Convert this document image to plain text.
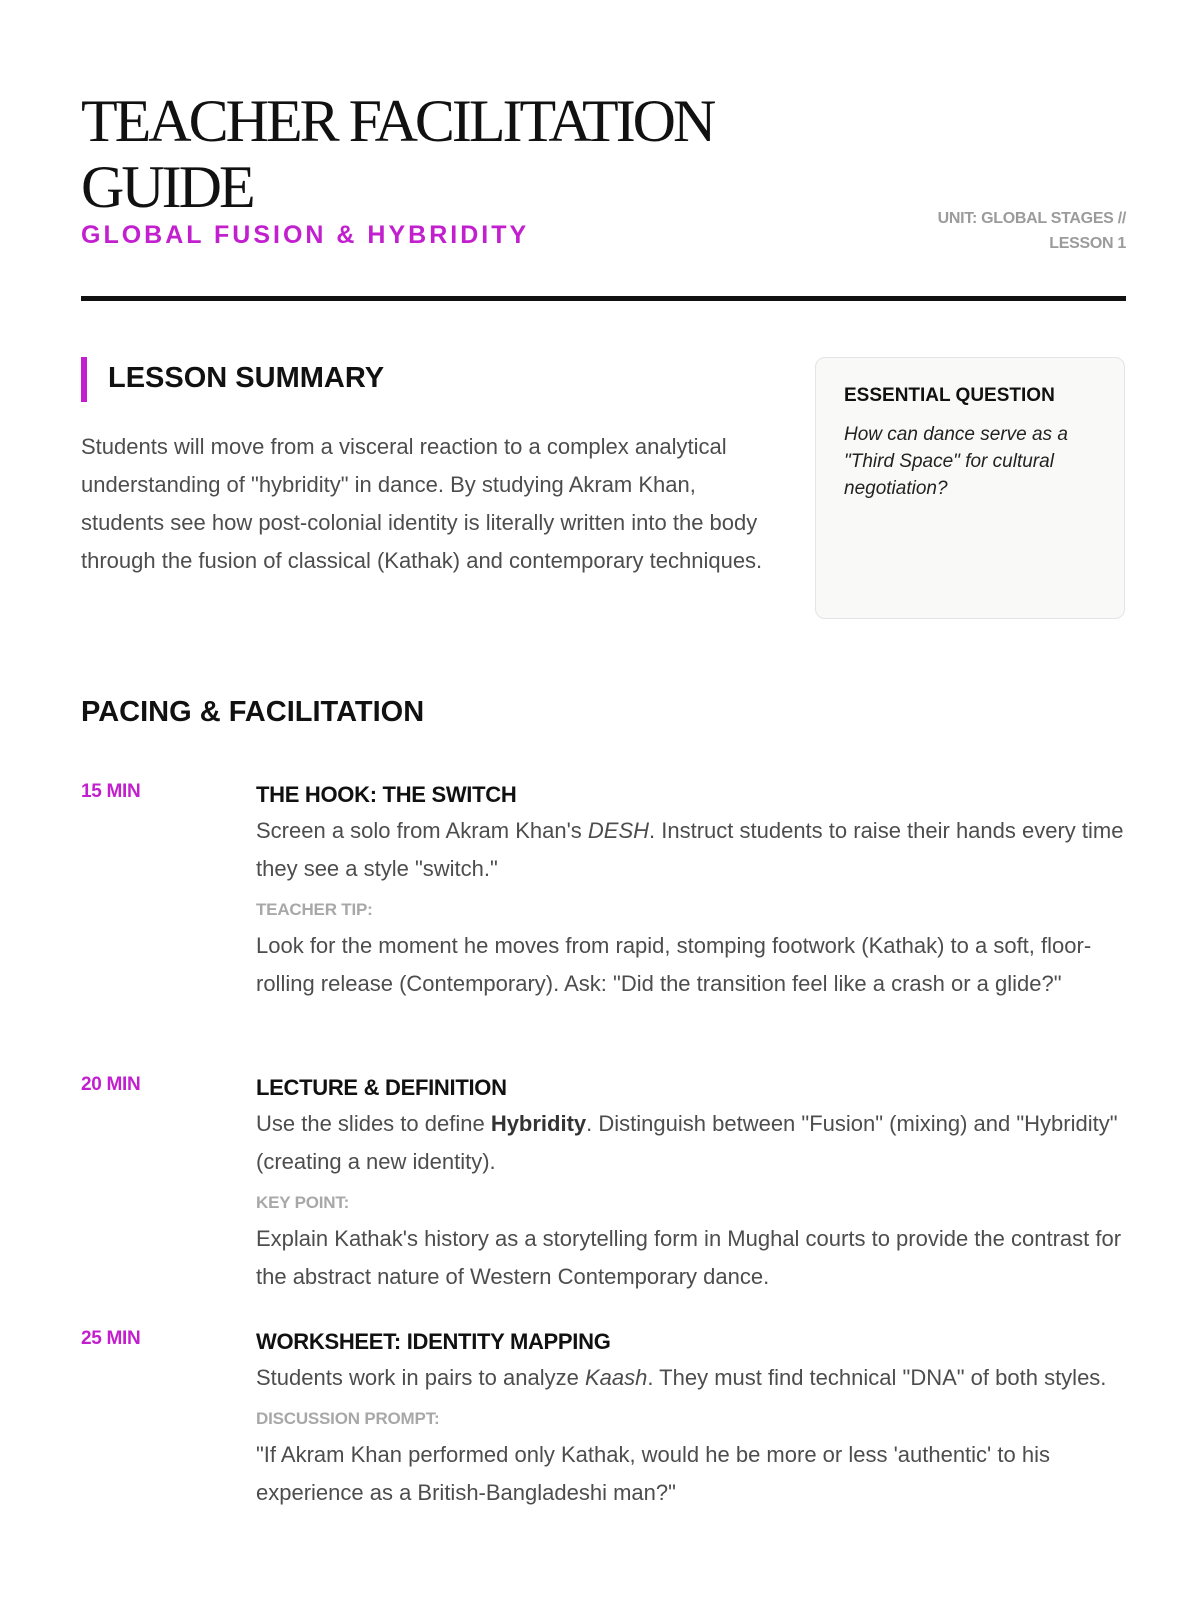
TEACHER FACILITATION GUIDE
GLOBAL FUSION & HYBRIDITY
UNIT: GLOBAL STAGES //
LESSON 1
LESSON SUMMARY

Students will move from a visceral reaction to a complex analytical understanding of "hybridity" in dance. By studying Akram Khan, students see how post-colonial identity is literally written into the body through the fusion of classical (Kathak) and contemporary techniques.

ESSENTIAL QUESTION

How can dance serve as a "Third Space" for cultural negotiation?

PACING & FACILITATION
15 MIN	THE HOOK: THE SWITCH

Screen a solo from Akram Khan's DESH. Instruct students to raise their hands every time they see a style "switch."

TEACHER TIP:

Look for the moment he moves from rapid, stomping footwork (Kathak) to a soft, floor-rolling release (Contemporary). Ask: "Did the transition feel like a crash or a glide?"

20 MIN	LECTURE & DEFINITION

Use the slides to define Hybridity. Distinguish between "Fusion" (mixing) and "Hybridity" (creating a new identity).

KEY POINT:

Explain Kathak's history as a storytelling form in Mughal courts to provide the contrast for the abstract nature of Western Contemporary dance.

25 MIN	WORKSHEET: IDENTITY MAPPING

Students work in pairs to analyze Kaash. They must find technical "DNA" of both styles.

DISCUSSION PROMPT:

"If Akram Khan performed only Kathak, would he be more or less 'authentic' to his experience as a British-Bangladeshi man?"
